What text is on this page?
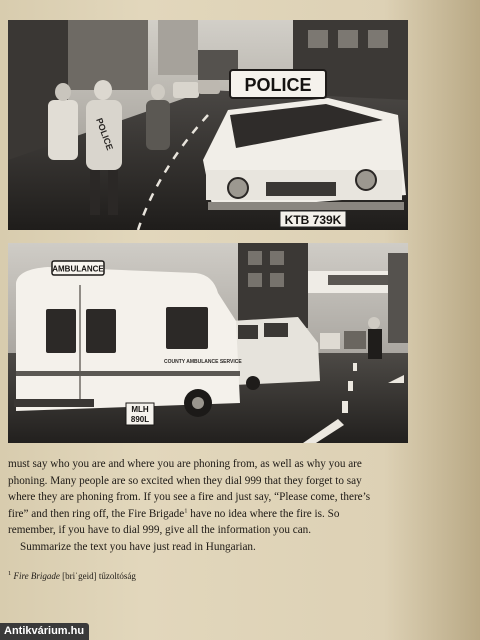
POLICE
POLICE
KTB 739K
AMBULANCE
COUNTY AMBULANCE SERVICE
MLH
890L

must say who you are and where you are phoning from, as well as why you are

phoning. Many people are so excited when they dial 999 that they forget to say

where they are phoning from. If you see a fire and just say, “Please come, there’s

fire” and then ring off, the Fire Brigade$^1$ have no idea where the fire is. So

remember, if you have to dial 999, give all the information you can.

Summarize the text you have just read in Hungarian.

$^1$ Fire Brigade [briˈgeid] tűzoltóság
Antikvárium.hu
